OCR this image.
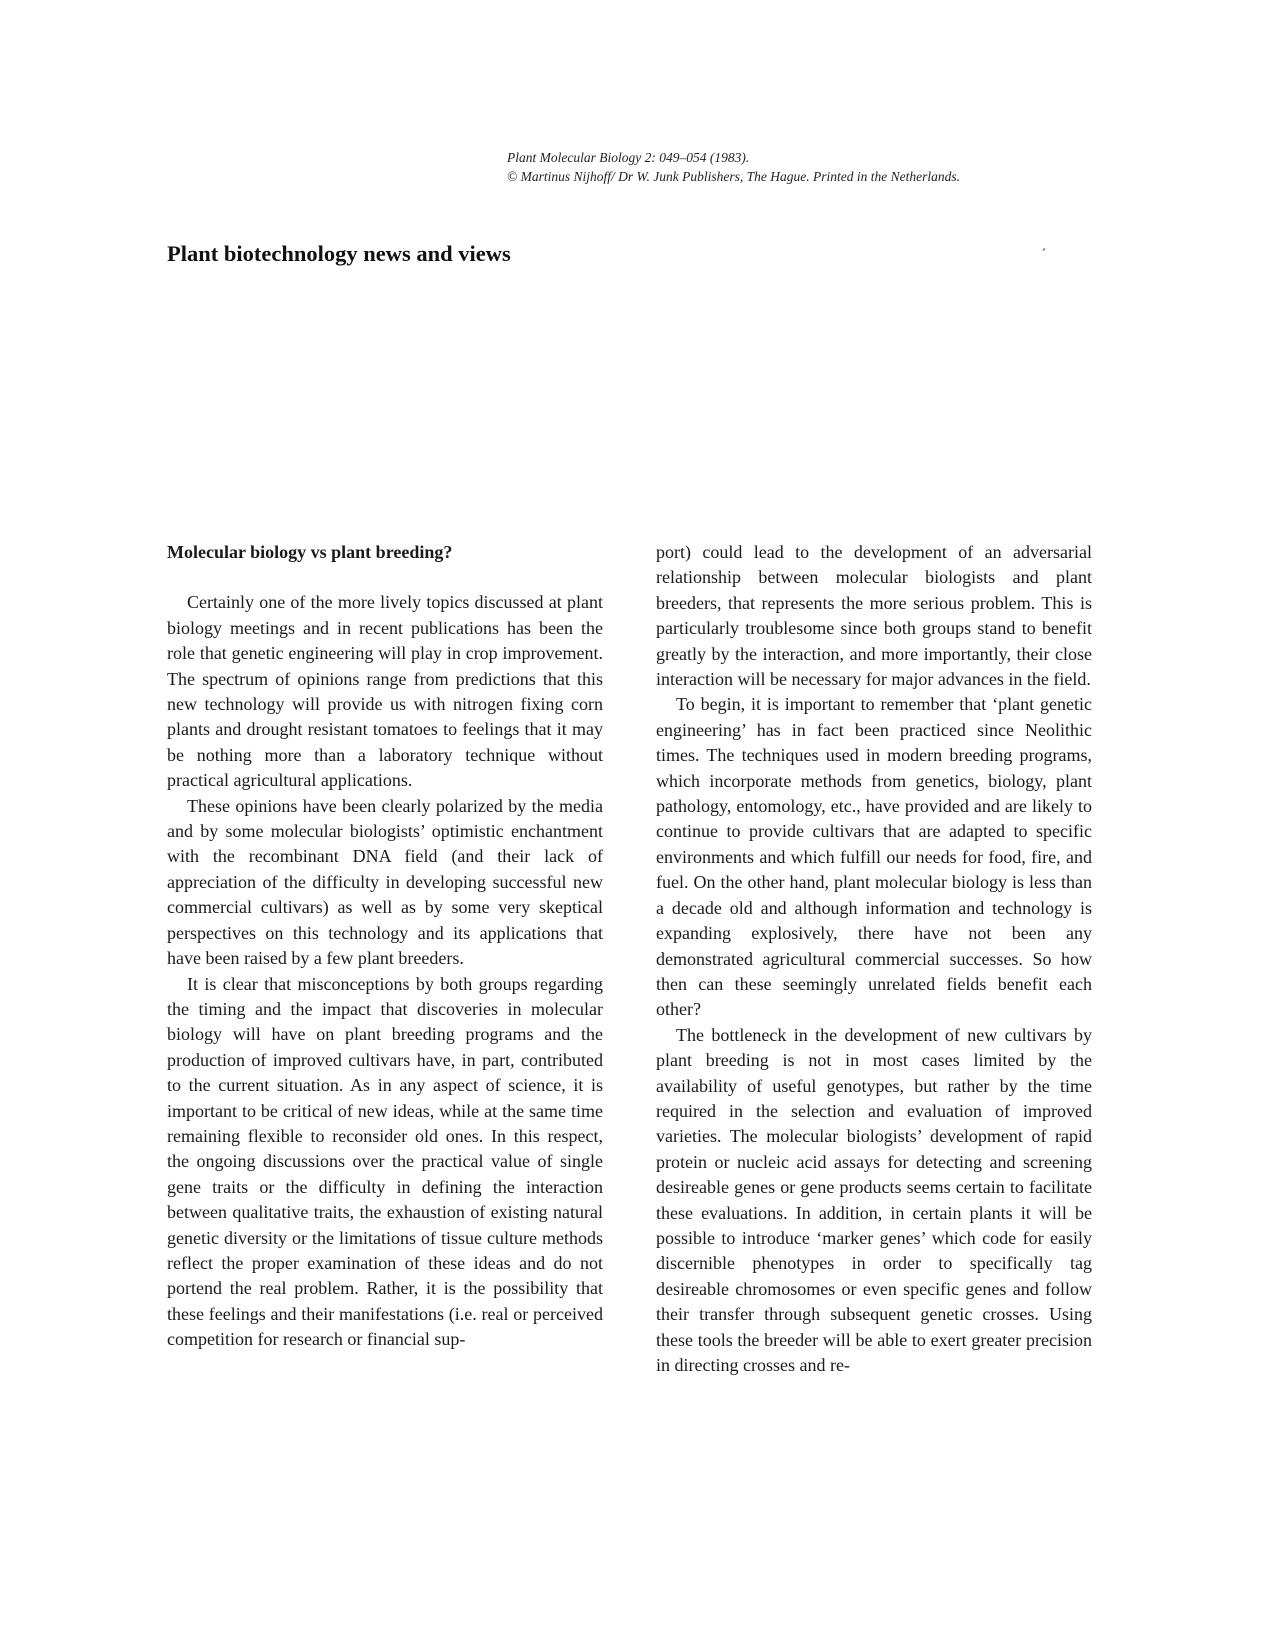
Plant Molecular Biology 2: 049–054 (1983).
© Martinus Nijhoff/ Dr W. Junk Publishers, The Hague. Printed in the Netherlands.
Plant biotechnology news and views
Molecular biology vs plant breeding?

Certainly one of the more lively topics discussed at plant biology meetings and in recent publications has been the role that genetic engineering will play in crop improvement. The spectrum of opinions range from predictions that this new technology will provide us with nitrogen fixing corn plants and drought resistant tomatoes to feelings that it may be nothing more than a laboratory technique without practical agricultural applications.

These opinions have been clearly polarized by the media and by some molecular biologists’ optimistic enchantment with the recombinant DNA field (and their lack of appreciation of the difficulty in developing successful new commercial cultivars) as well as by some very skeptical perspectives on this technology and its applications that have been raised by a few plant breeders.

It is clear that misconceptions by both groups regarding the timing and the impact that discoveries in molecular biology will have on plant breeding programs and the production of improved cultivars have, in part, contributed to the current situation. As in any aspect of science, it is important to be critical of new ideas, while at the same time remaining flexible to reconsider old ones. In this respect, the ongoing discussions over the practical value of single gene traits or the difficulty in defining the interaction between qualitative traits, the exhaustion of existing natural genetic diversity or the limitations of tissue culture methods reflect the proper examination of these ideas and do not portend the real problem. Rather, it is the possibility that these feelings and their manifestations (i.e. real or perceived competition for research or financial sup-

port) could lead to the development of an adversarial relationship between molecular biologists and plant breeders, that represents the more serious problem. This is particularly troublesome since both groups stand to benefit greatly by the interaction, and more importantly, their close interaction will be necessary for major advances in the field.

To begin, it is important to remember that ‘plant genetic engineering’ has in fact been practiced since Neolithic times. The techniques used in modern breeding programs, which incorporate methods from genetics, biology, plant pathology, entomology, etc., have provided and are likely to continue to provide cultivars that are adapted to specific environments and which fulfill our needs for food, fire, and fuel. On the other hand, plant molecular biology is less than a decade old and although information and technology is expanding explosively, there have not been any demonstrated agricultural commercial successes. So how then can these seemingly unrelated fields benefit each other?

The bottleneck in the development of new cultivars by plant breeding is not in most cases limited by the availability of useful genotypes, but rather by the time required in the selection and evaluation of improved varieties. The molecular biologists’ development of rapid protein or nucleic acid assays for detecting and screening desireable genes or gene products seems certain to facilitate these evaluations. In addition, in certain plants it will be possible to introduce ‘marker genes’ which code for easily discernible phenotypes in order to specifically tag desireable chromosomes or even specific genes and follow their transfer through subsequent genetic crosses. Using these tools the breeder will be able to exert greater precision in directing crosses and re-
